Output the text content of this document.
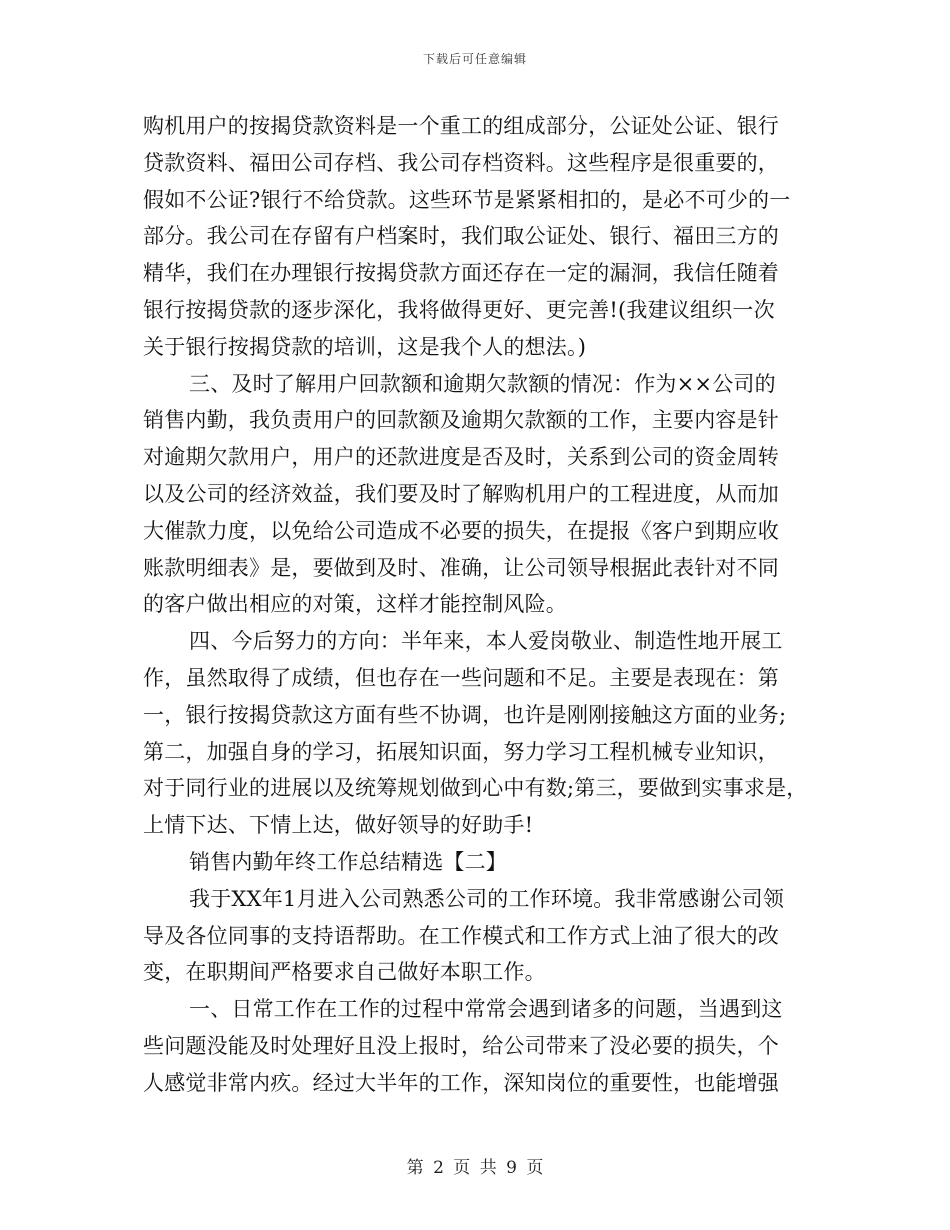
下载后可任意编辑
购机用户的按揭贷款资料是一个重工的组成部分，公证处公证、银行
贷款资料、福田公司存档、我公司存档资料。这些程序是很重要的，
假如不公证?银行不给贷款。这些环节是紧紧相扣的，是必不可少的一
部分。我公司在存留有户档案时，我们取公证处、银行、福田三方的
精华，我们在办理银行按揭贷款方面还存在一定的漏洞，我信任随着
银行按揭贷款的逐步深化，我将做得更好、更完善!(我建议组织一次
关于银行按揭贷款的培训，这是我个人的想法。)
三、及时了解用户回款额和逾期欠款额的情况：作为××公司的
销售内勤，我负责用户的回款额及逾期欠款额的工作，主要内容是针
对逾期欠款用户，用户的还款进度是否及时，关系到公司的资金周转
以及公司的经济效益，我们要及时了解购机用户的工程进度，从而加
大催款力度，以免给公司造成不必要的损失，在提报《客户到期应收
账款明细表》是，要做到及时、准确，让公司领导根据此表针对不同
的客户做出相应的对策，这样才能控制风险。
四、今后努力的方向：半年来，本人爱岗敬业、制造性地开展工
作，虽然取得了成绩，但也存在一些问题和不足。主要是表现在：第
一，银行按揭贷款这方面有些不协调，也许是刚刚接触这方面的业务;
第二，加强自身的学习，拓展知识面，努力学习工程机械专业知识，
对于同行业的进展以及统筹规划做到心中有数;第三，要做到实事求是，
上情下达、下情上达，做好领导的好助手!
销售内勤年终工作总结精选【二】
我于XX年1月进入公司熟悉公司的工作环境。我非常感谢公司领
导及各位同事的支持语帮助。在工作模式和工作方式上油了很大的改
变，在职期间严格要求自己做好本职工作。
一、日常工作在工作的过程中常常会遇到诸多的问题，当遇到这
些问题没能及时处理好且没上报时，给公司带来了没必要的损失，个
人感觉非常内疚。经过大半年的工作，深知岗位的重要性，也能增强
第 2 页 共 9 页
